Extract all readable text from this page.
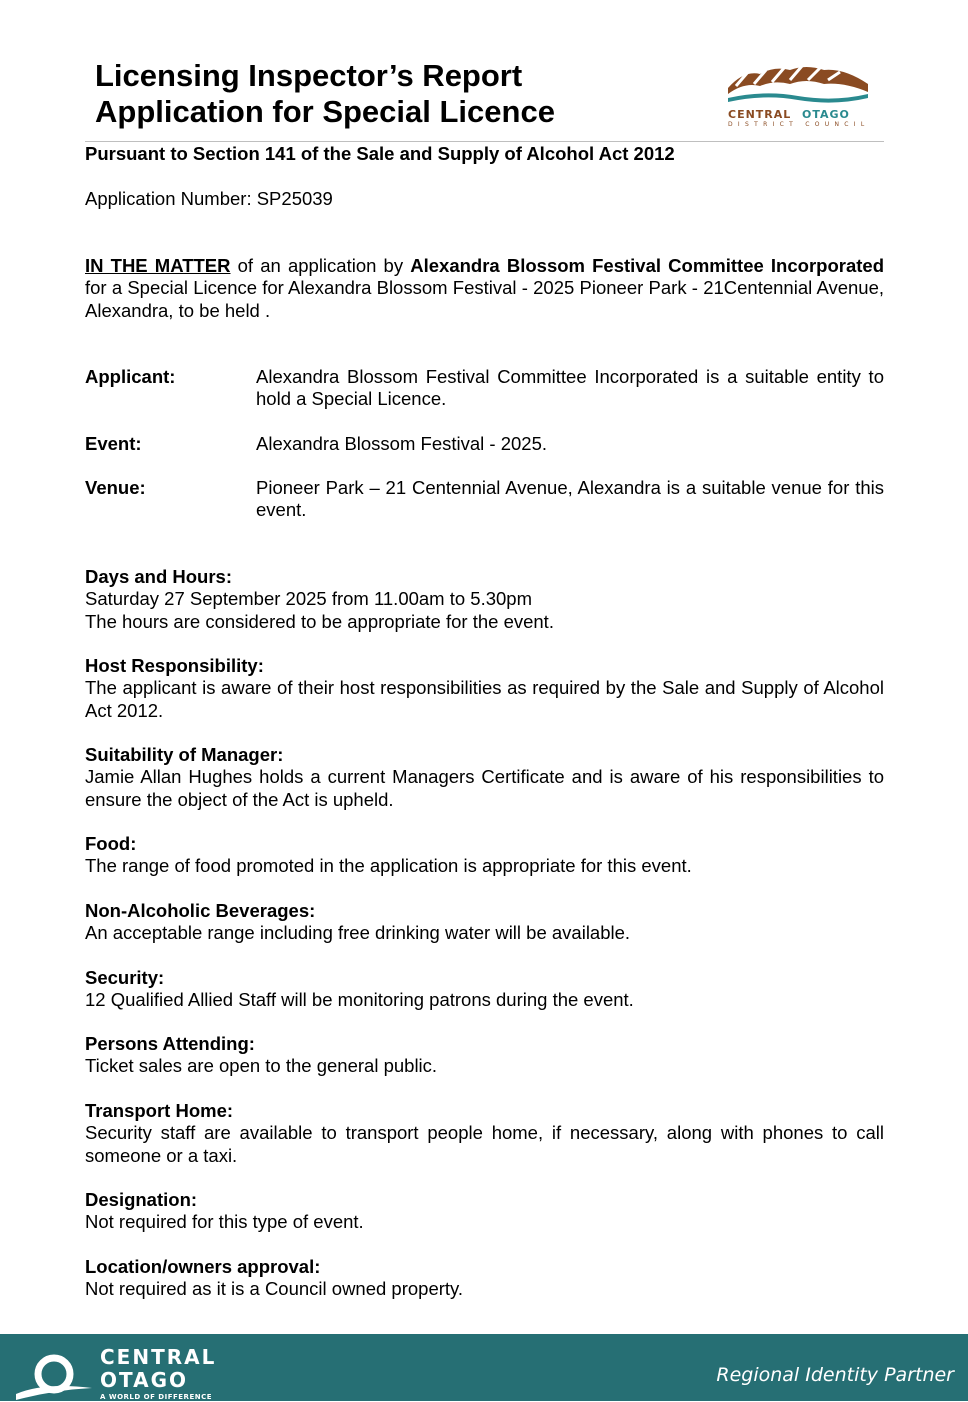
Licensing Inspector’s Report

Application for Special Licence	CENTRAL OTAGO
DISTRICT COUNCIL
Pursuant to Section 141 of the Sale and Supply of Alcohol Act 2012
Application Number: SP25039
IN THE MATTER of an application by Alexandra Blossom Festival Committee Incorporated for a Special Licence for Alexandra Blossom Festival - 2025 Pioneer Park - 21Centennial Avenue, Alexandra, to be held .
Applicant:	Alexandra Blossom Festival Committee Incorporated is a suitable entity to hold a Special Licence.
Event:	Alexandra Blossom Festival - 2025.
Venue:	Pioneer Park – 21 Centennial Avenue, Alexandra is a suitable venue for this event.
Days and Hours:
Saturday 27 September 2025 from 11.00am to 5.30pm
The hours are considered to be appropriate for the event.
Host Responsibility:
The applicant is aware of their host responsibilities as required by the Sale and Supply of Alcohol Act 2012.
Suitability of Manager:
Jamie Allan Hughes holds a current Managers Certificate and is aware of his responsibilities to ensure the object of the Act is upheld.
Food:
The range of food promoted in the application is appropriate for this event.
Non-Alcoholic Beverages:
An acceptable range including free drinking water will be available.
Security:
12 Qualified Allied Staff will be monitoring patrons during the event.
Persons Attending:
Ticket sales are open to the general public.
Transport Home:
Security staff are available to transport people home, if necessary, along with phones to call someone or a taxi.
Designation:
Not required for this type of event.
Location/owners approval:
Not required as it is a Council owned property.
CENTRAL
OTAGO
A WORLD OF DIFFERENCE
Regional Identity Partner
